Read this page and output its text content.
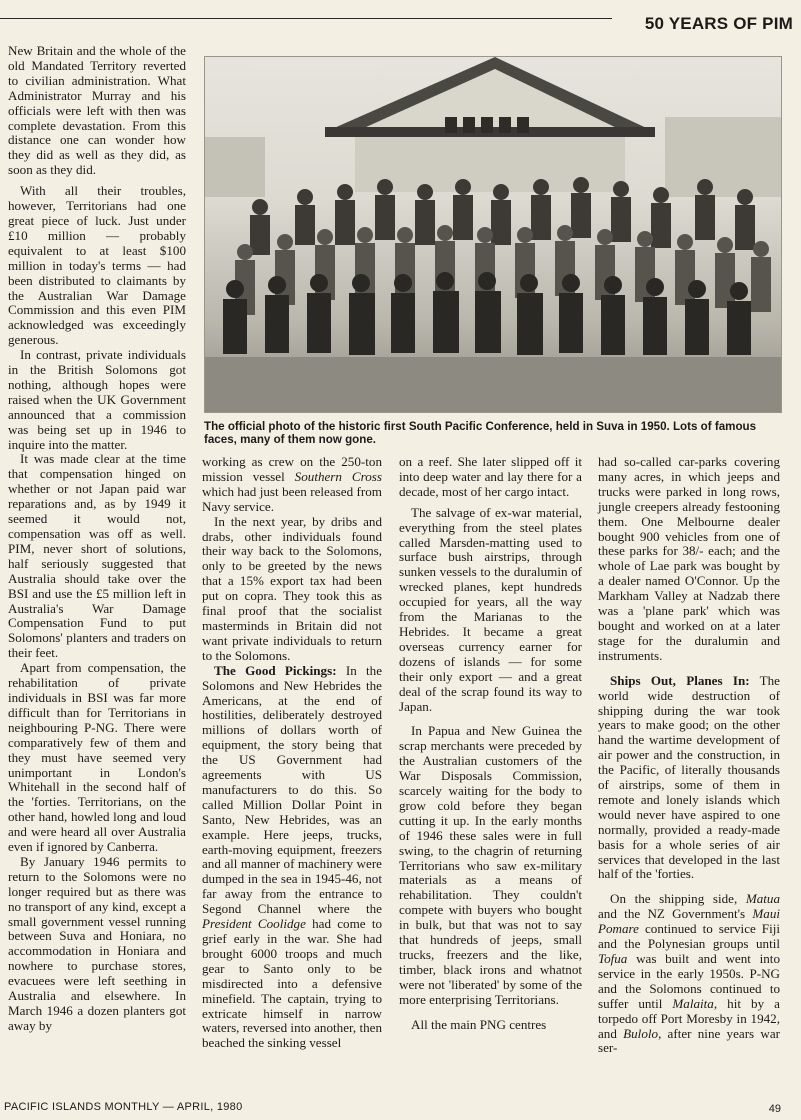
50 YEARS OF PIM

New Britain and the whole of the old Mandated Territory reverted to civilian administration. What Administrator Murray and his officials were left with then was complete devastation. From this distance one can wonder how they did as well as they did, as soon as they did.

With all their troubles, however, Territorians had one great piece of luck. Just under £10 million — probably equivalent to at least $100 million in today's terms — had been distributed to claimants by the Australian War Damage Commission and this even PIM acknowledged was exceedingly generous.

In contrast, private individuals in the British Solomons got nothing, although hopes were raised when the UK Government announced that a commission was being set up in 1946 to inquire into the matter.

It was made clear at the time that compensation hinged on whether or not Japan paid war reparations and, as by 1949 it seemed it would not, compensation was off as well. PIM, never short of solutions, half seriously suggested that Australia should take over the BSI and use the £5 million left in Australia's War Damage Compensation Fund to put Solomons' planters and traders on their feet.

Apart from compensation, the rehabilitation of private individuals in BSI was far more difficult than for Territorians in neighbouring P-NG. There were comparatively few of them and they must have seemed very unimportant in London's Whitehall in the second half of the 'forties. Territorians, on the other hand, howled long and loud and were heard all over Australia even if ignored by Canberra.

By January 1946 permits to return to the Solomons were no longer required but as there was no transport of any kind, except a small government vessel running between Suva and Honiara, no accommodation in Honiara and nowhere to purchase stores, evacuees were left seething in Australia and elsewhere. In March 1946 a dozen planters got away by

The official photo of the historic first South Pacific Conference, held in Suva in 1950. Lots of famous faces, many of them now gone.

working as crew on the 250-ton mission vessel Southern Cross which had just been released from Navy service.

In the next year, by dribs and drabs, other individuals found their way back to the Solomons, only to be greeted by the news that a 15% export tax had been put on copra. They took this as final proof that the socialist masterminds in Britain did not want private individuals to return to the Solomons.

The Good Pickings: In the Solomons and New Hebrides the Americans, at the end of hostilities, deliberately destroyed millions of dollars worth of equipment, the story being that the US Government had agreements with US manufacturers to do this. So called Million Dollar Point in Santo, New Hebrides, was an example. Here jeeps, trucks, earth-moving equipment, freezers and all manner of machinery were dumped in the sea in 1945-46, not far away from the entrance to Segond Channel where the President Coolidge had come to grief early in the war. She had brought 6000 troops and much gear to Santo only to be misdirected into a defensive minefield. The captain, trying to extricate himself in narrow waters, reversed into another, then beached the sinking vessel

on a reef. She later slipped off it into deep water and lay there for a decade, most of her cargo intact.

The salvage of ex-war material, everything from the steel plates called Marsden-matting used to surface bush airstrips, through sunken vessels to the duralumin of wrecked planes, kept hundreds occupied for years, all the way from the Marianas to the Hebrides. It became a great overseas currency earner for dozens of islands — for some their only export — and a great deal of the scrap found its way to Japan.

In Papua and New Guinea the scrap merchants were preceded by the Australian customers of the War Disposals Commission, scarcely waiting for the body to grow cold before they began cutting it up. In the early months of 1946 these sales were in full swing, to the chagrin of returning Territorians who saw ex-military materials as a means of rehabilitation. They couldn't compete with buyers who bought in bulk, but that was not to say that hundreds of jeeps, small trucks, freezers and the like, timber, black irons and whatnot were not 'liberated' by some of the more enterprising Territorians.

All the main PNG centres

had so-called car-parks covering many acres, in which jeeps and trucks were parked in long rows, jungle creepers already festooning them. One Melbourne dealer bought 900 vehicles from one of these parks for 38/- each; and the whole of Lae park was bought by a dealer named O'Connor. Up the Markham Valley at Nadzab there was a 'plane park' which was bought and worked on at a later stage for the duralumin and instruments.

Ships Out, Planes In: The world wide destruction of shipping during the war took years to make good; on the other hand the wartime development of air power and the construction, in the Pacific, of literally thousands of airstrips, some of them in remote and lonely islands which would never have aspired to one normally, provided a ready-made basis for a whole series of air services that developed in the last half of the 'forties.

On the shipping side, Matua and the NZ Government's Maui Pomare continued to service Fiji and the Polynesian groups until Tofua was built and went into service in the early 1950s. P-NG and the Solomons continued to suffer until Malaita, hit by a torpedo off Port Moresby in 1942, and Bulolo, after nine years war ser-

PACIFIC ISLANDS MONTHLY — APRIL, 1980	49
